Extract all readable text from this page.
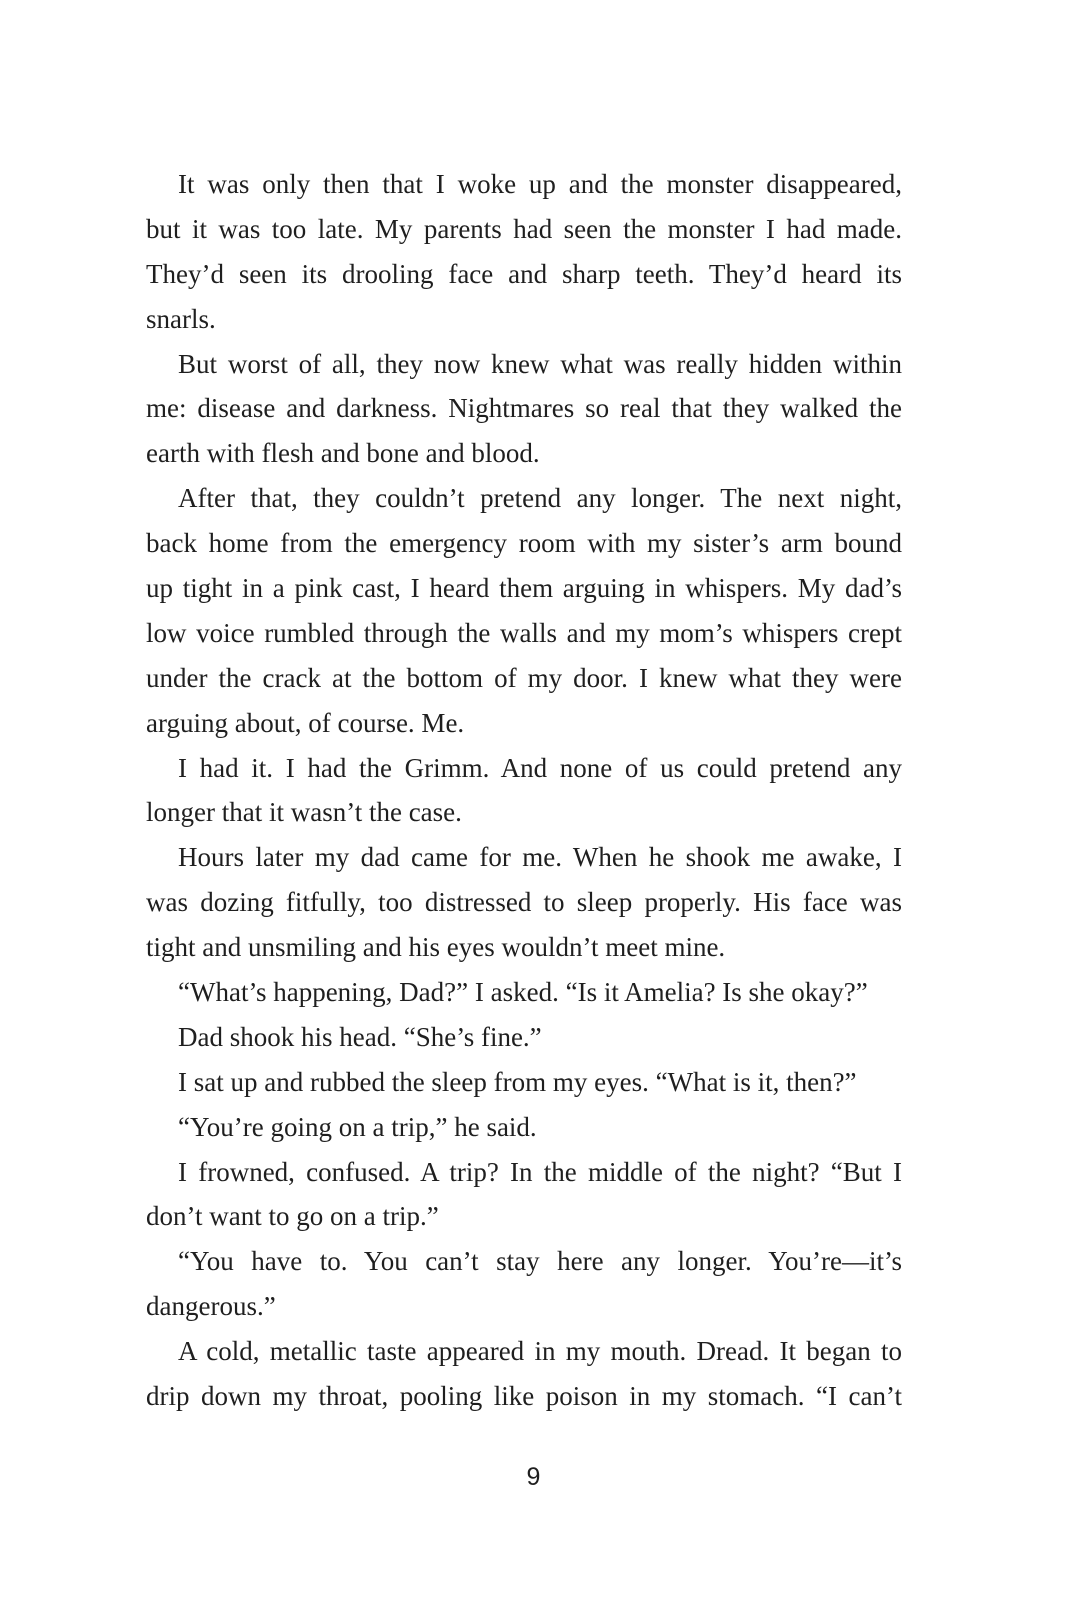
It was only then that I woke up and the monster disappeared,
but it was too late. My parents had seen the monster I had made.
They’d seen its drooling face and sharp teeth. They’d heard its
snarls.
But worst of all, they now knew what was really hidden within
me: disease and darkness. Nightmares so real that they walked the
earth with flesh and bone and blood.
After that, they couldn’t pretend any longer. The next night,
back home from the emergency room with my sister’s arm bound
up tight in a pink cast, I heard them arguing in whispers. My dad’s
low voice rumbled through the walls and my mom’s whispers crept
under the crack at the bottom of my door. I knew what they were
arguing about, of course. Me.
I had it. I had the Grimm. And none of us could pretend any
longer that it wasn’t the case.
Hours later my dad came for me. When he shook me awake, I
was dozing fitfully, too distressed to sleep properly. His face was
tight and unsmiling and his eyes wouldn’t meet mine.
“What’s happening, Dad?” I asked. “Is it Amelia? Is she okay?”
Dad shook his head. “She’s fine.”
I sat up and rubbed the sleep from my eyes. “What is it, then?”
“You’re going on a trip,” he said.
I frowned, confused. A trip? In the middle of the night? “But I
don’t want to go on a trip.”
“You have to. You can’t stay here any longer. You’re—it’s
dangerous.”
A cold, metallic taste appeared in my mouth. Dread. It began to
drip down my throat, pooling like poison in my stomach. “I can’t
9
